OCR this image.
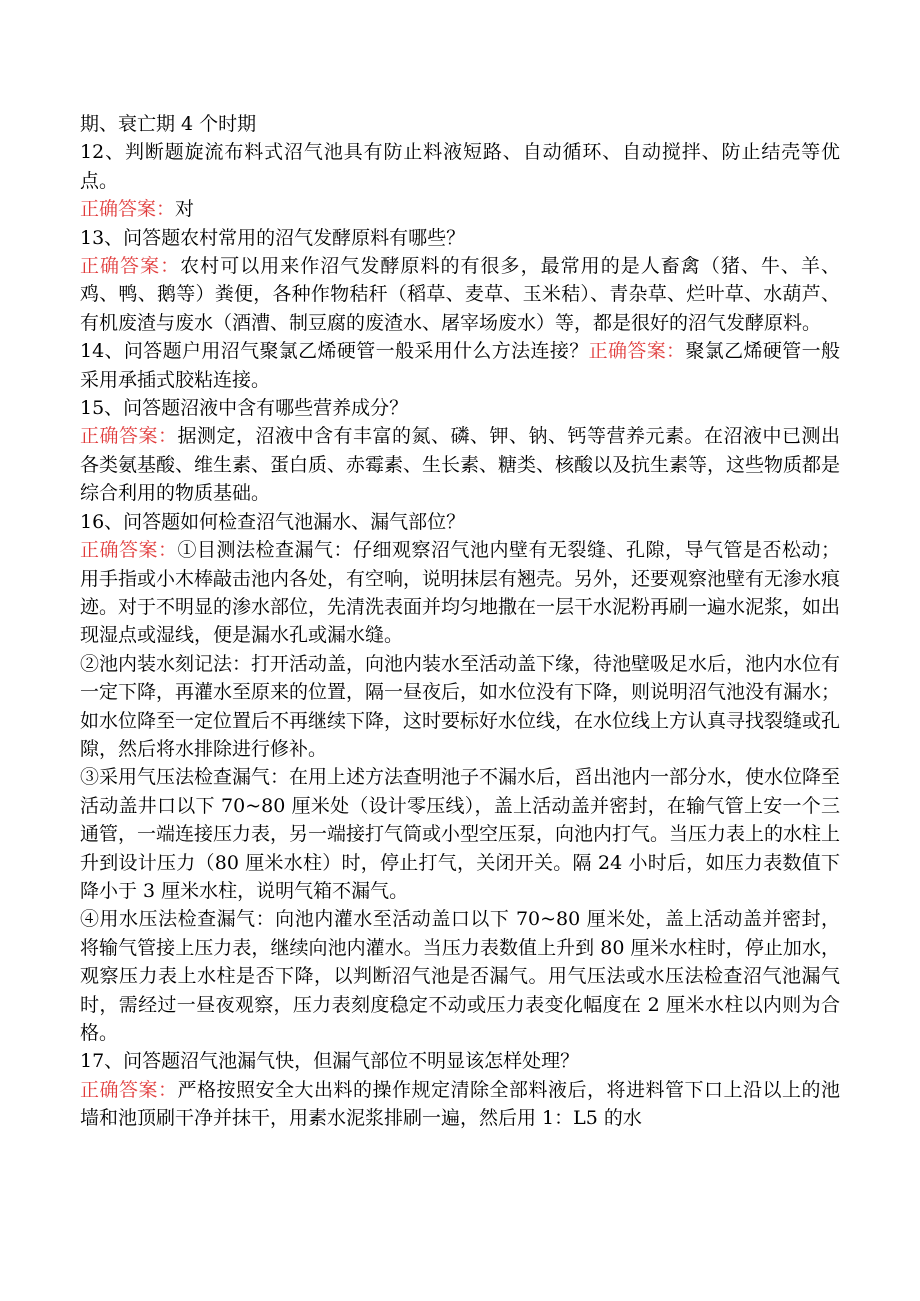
期、衰亡期 4 个时期

12、判断题旋流布料式沼气池具有防止料液短路、自动循环、自动搅拌、防止结壳等优点。

正确答案：对

13、问答题农村常用的沼气发酵原料有哪些？

正确答案：农村可以用来作沼气发酵原料的有很多，最常用的是人畜禽（猪、牛、羊、鸡、鸭、鹅等）粪便，各种作物秸秆（稻草、麦草、玉米秸）、青杂草、烂叶草、水葫芦、有机废渣与废水（酒漕、制豆腐的废渣水、屠宰场废水）等，都是很好的沼气发酵原料。

14、问答题户用沼气聚氯乙烯硬管一般采用什么方法连接？正确答案：聚氯乙烯硬管一般采用承插式胶粘连接。

15、问答题沼液中含有哪些营养成分？

正确答案：据测定，沼液中含有丰富的氮、磷、钾、钠、钙等营养元素。在沼液中已测出各类氨基酸、维生素、蛋白质、赤霉素、生长素、糖类、核酸以及抗生素等，这些物质都是综合利用的物质基础。

16、问答题如何检查沼气池漏水、漏气部位？

正确答案：①目测法检查漏气：仔细观察沼气池内壁有无裂缝、孔隙，导气管是否松动；用手指或小木棒敲击池内各处，有空响，说明抹层有翘壳。另外，还要观察池壁有无渗水痕迹。对于不明显的渗水部位，先清洗表面并均匀地撒在一层干水泥粉再刷一遍水泥浆，如出现湿点或湿线，便是漏水孔或漏水缝。

②池内装水刻记法：打开活动盖，向池内装水至活动盖下缘，待池壁吸足水后，池内水位有一定下降，再灌水至原来的位置，隔一昼夜后，如水位没有下降，则说明沼气池没有漏水；如水位降至一定位置后不再继续下降，这时要标好水位线，在水位线上方认真寻找裂缝或孔隙，然后将水排除进行修补。

③采用气压法检查漏气：在用上述方法查明池子不漏水后，舀出池内一部分水，使水位降至活动盖井口以下 70~80 厘米处（设计零压线），盖上活动盖并密封，在输气管上安一个三通管，一端连接压力表，另一端接打气筒或小型空压泵，向池内打气。当压力表上的水柱上升到设计压力（80 厘米水柱）时，停止打气，关闭开关。隔 24 小时后，如压力表数值下降小于 3 厘米水柱，说明气箱不漏气。

④用水压法检查漏气：向池内灌水至活动盖口以下 70~80 厘米处，盖上活动盖并密封，将输气管接上压力表，继续向池内灌水。当压力表数值上升到 80 厘米水柱时，停止加水，观察压力表上水柱是否下降，以判断沼气池是否漏气。用气压法或水压法检查沼气池漏气时，需经过一昼夜观察，压力表刻度稳定不动或压力表变化幅度在 2 厘米水柱以内则为合格。

17、问答题沼气池漏气快，但漏气部位不明显该怎样处理？

正确答案：严格按照安全大出料的操作规定清除全部料液后，将进料管下口上沿以上的池墙和池顶刷干净并抹干，用素水泥浆排刷一遍，然后用 1：L5 的水
